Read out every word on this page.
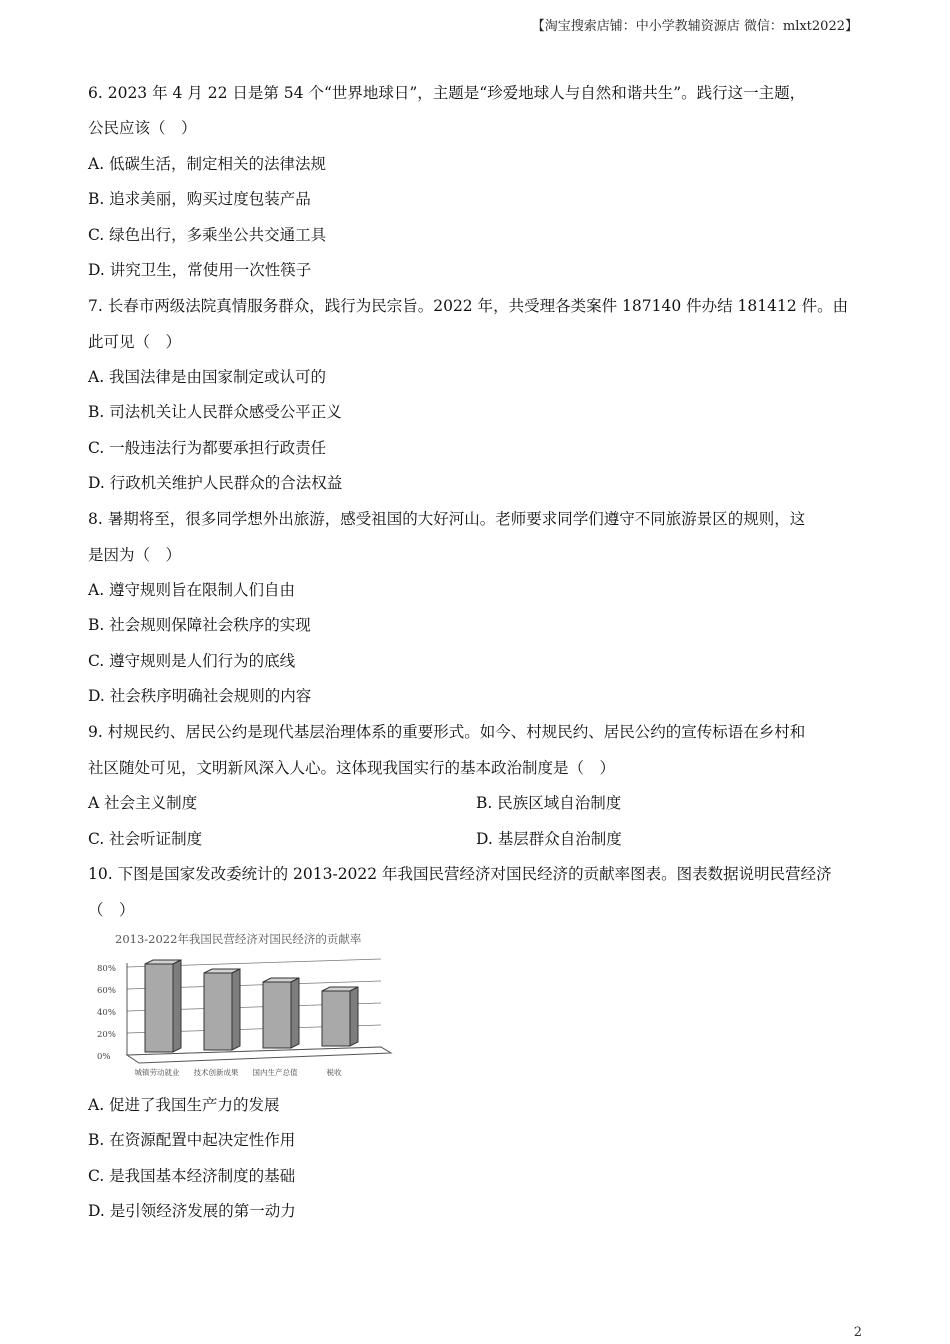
【淘宝搜索店铺：中小学教辅资源店 微信：mlxt2022】
6. 2023 年 4 月 22 日是第 54 个“世界地球日”，主题是“珍爱地球人与自然和谐共生”。践行这一主题，
公民应该（　）
A. 低碳生活，制定相关的法律法规
B. 追求美丽，购买过度包装产品
C. 绿色出行，多乘坐公共交通工具
D. 讲究卫生，常使用一次性筷子
7. 长春市两级法院真情服务群众，践行为民宗旨。2022 年，共受理各类案件 187140 件办结 181412 件。由
此可见（　）
A. 我国法律是由国家制定或认可的
B. 司法机关让人民群众感受公平正义
C. 一般违法行为都要承担行政责任
D. 行政机关维护人民群众的合法权益
8. 暑期将至，很多同学想外出旅游，感受祖国的大好河山。老师要求同学们遵守不同旅游景区的规则，这
是因为（　）
A. 遵守规则旨在限制人们自由
B. 社会规则保障社会秩序的实现
C. 遵守规则是人们行为的底线
D. 社会秩序明确社会规则的内容
9. 村规民约、居民公约是现代基层治理体系的重要形式。如今、村规民约、居民公约的宣传标语在乡村和
社区随处可见，文明新风深入人心。这体现我国实行的基本政治制度是（　）
A 社会主义制度	B. 民族区域自治制度
C. 社会听证制度	D. 基层群众自治制度
10. 下图是国家发改委统计的 2013-2022 年我国民营经济对国民经济的贡献率图表。图表数据说明民营经济
（　）
2013-2022年我国民营经济对国民经济的贡献率
80%
60%
40%
20%
0%
城镇劳动就业 技术创新成果 国内生产总值	税收
A. 促进了我国生产力的发展
B. 在资源配置中起决定性作用
C. 是我国基本经济制度的基础
D. 是引领经济发展的第一动力
2
